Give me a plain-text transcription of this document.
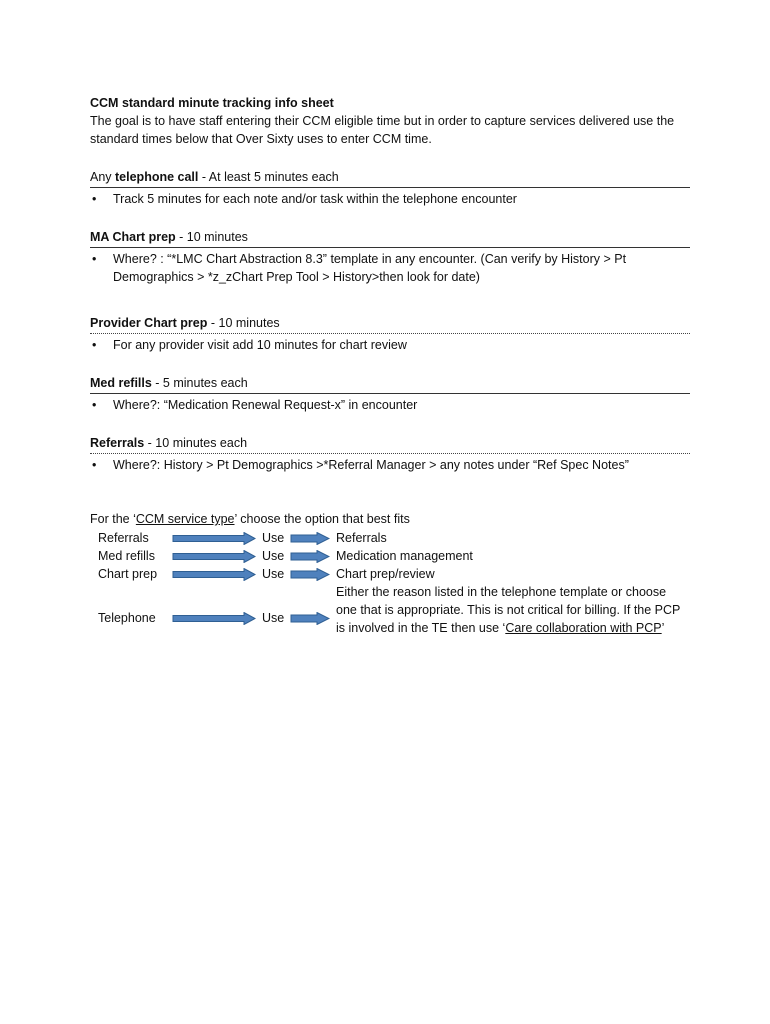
CCM standard minute tracking info sheet
The goal is to have staff entering their CCM eligible time but in order to capture services delivered use the standard times below that Over Sixty uses to enter CCM time.
Any telephone call - At least 5 minutes each
• Track 5 minutes for each note and/or task within the telephone encounter
MA Chart prep - 10 minutes
• Where? : “*LMC Chart Abstraction 8.3” template in any encounter. (Can verify by History > Pt Demographics > *z_zChart Prep Tool > History>then look for date)
Provider Chart prep - 10 minutes
• For any provider visit add 10 minutes for chart review
Med refills - 5 minutes each
• Where?: “Medication Renewal Request-x” in encounter
Referrals - 10 minutes each
• Where?: History > Pt Demographics >*Referral Manager > any notes under “Ref Spec Notes”
For the ‘CCM service type’ choose the option that best fits
Referrals	Use	Referrals
Med refills	Use	Medication management
Chart prep	Use	Chart prep/review
Telephone	Use
Either the reason listed in the telephone template or choose one that is appropriate. This is not critical for billing. If the PCP is involved in the TE then use ‘Care collaboration with PCP’
